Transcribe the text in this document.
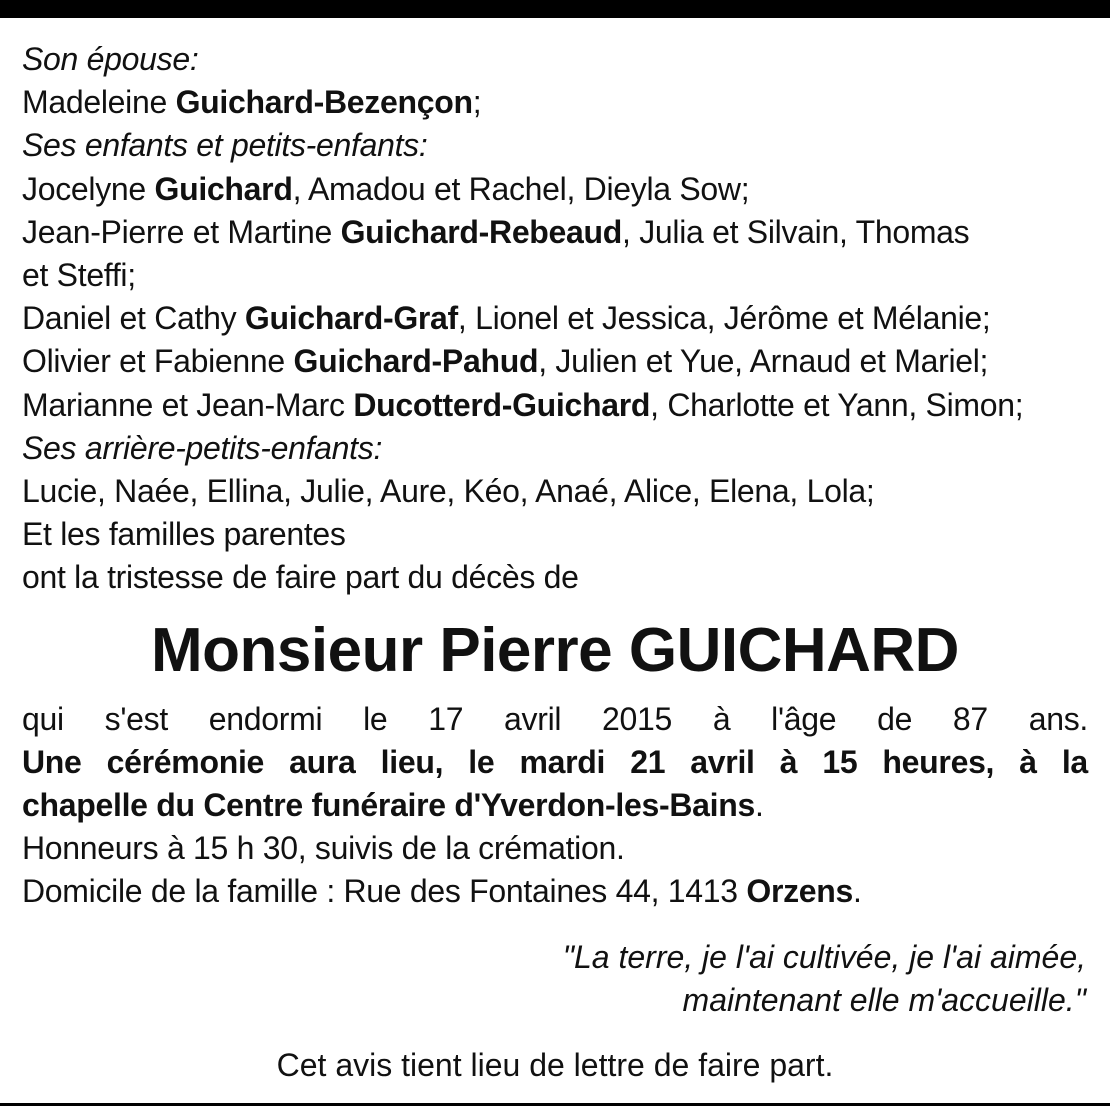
Son épouse:
Madeleine Guichard-Bezençon;
Ses enfants et petits-enfants:
Jocelyne Guichard, Amadou et Rachel, Dieyla Sow;
Jean-Pierre et Martine Guichard-Rebeaud, Julia et Silvain, Thomas
et Steffi;
Daniel et Cathy Guichard-Graf, Lionel et Jessica, Jérôme et Mélanie;
Olivier et Fabienne Guichard-Pahud, Julien et Yue, Arnaud et Mariel;
Marianne et Jean-Marc Ducotterd-Guichard, Charlotte et Yann, Simon;
Ses arrière-petits-enfants:
Lucie, Naée, Ellina, Julie, Aure, Kéo, Anaé, Alice, Elena, Lola;
Et les familles parentes
ont la tristesse de faire part du décès de
Monsieur Pierre GUICHARD
qui s'est endormi le 17 avril 2015 à l'âge de 87 ans.
Une cérémonie aura lieu, le mardi 21 avril à 15 heures, à la
chapelle du Centre funéraire d'Yverdon-les-Bains.
Honneurs à 15 h 30, suivis de la crémation.
Domicile de la famille : Rue des Fontaines 44, 1413 Orzens.
"La terre, je l'ai cultivée, je l'ai aimée,
maintenant elle m'accueille."
Cet avis tient lieu de lettre de faire part.
